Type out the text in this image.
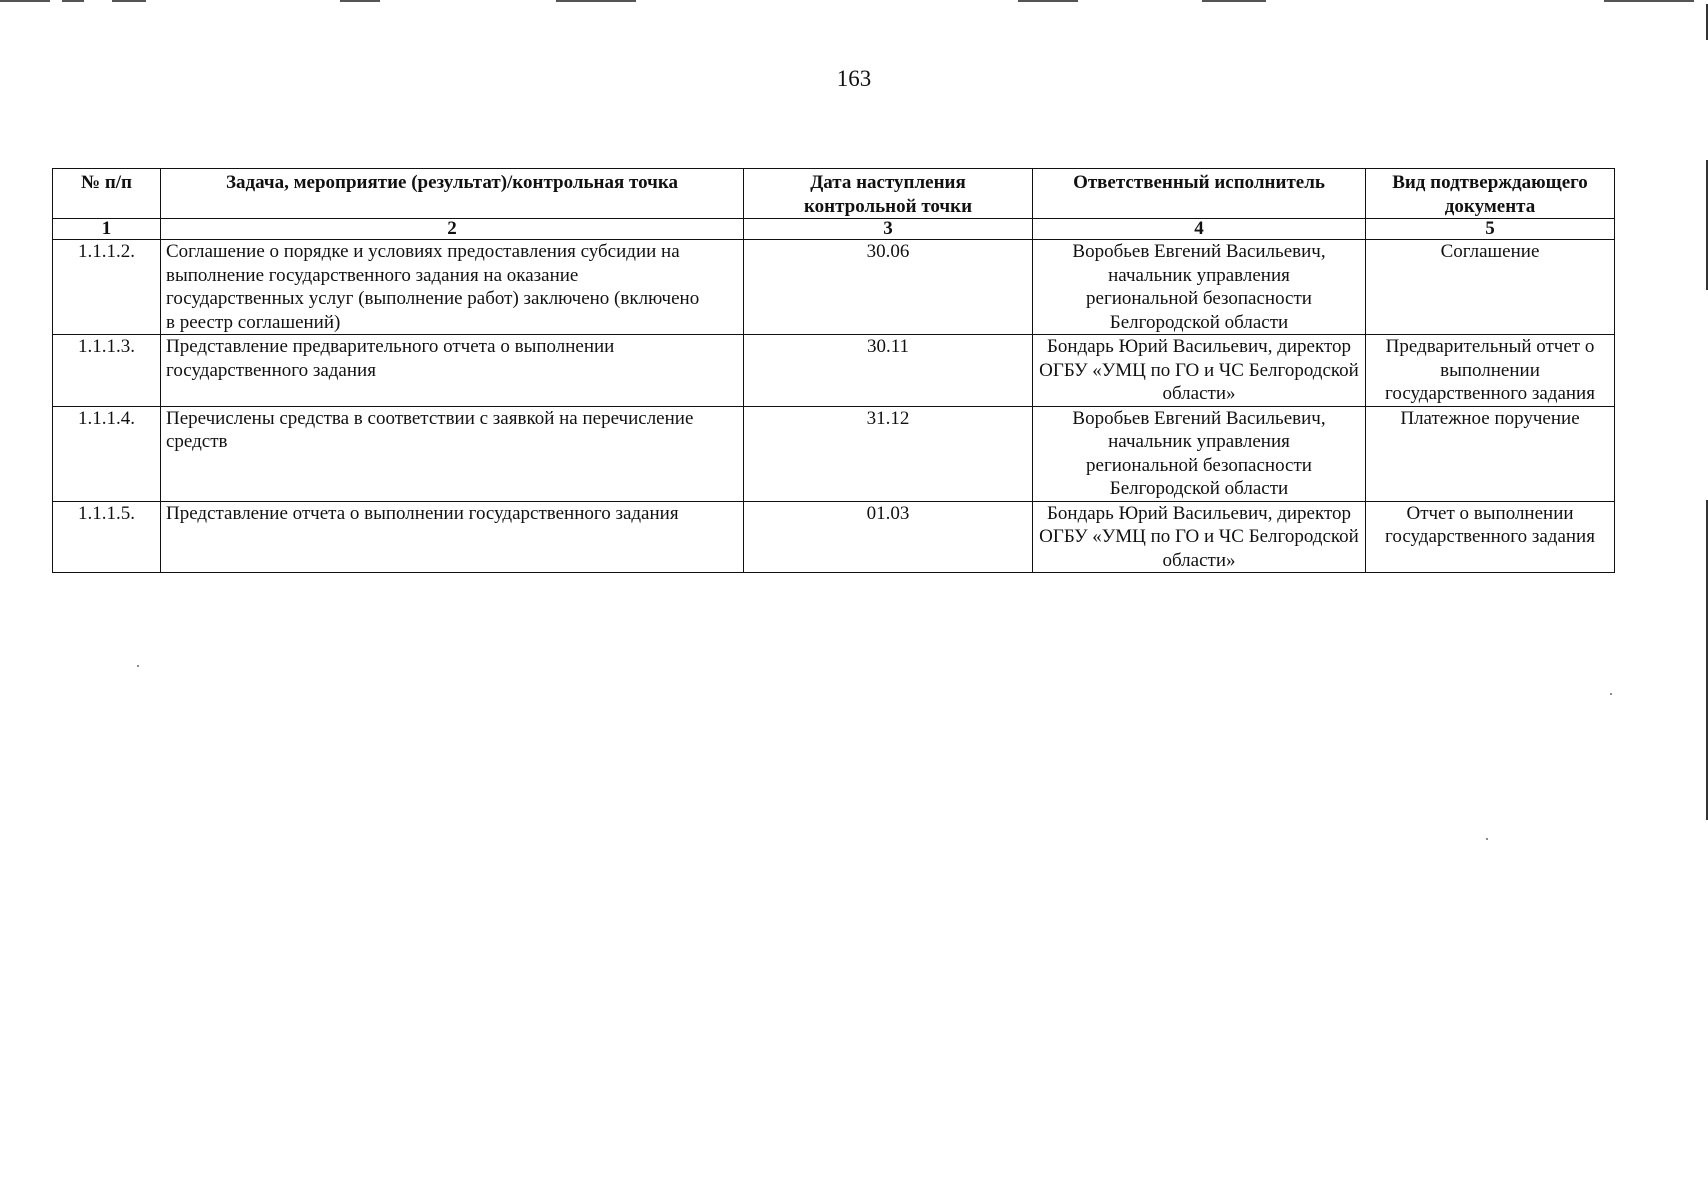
163
№ п/п	Задача, мероприятие (результат)/контрольная точка	Дата наступления контрольной точки	Ответственный исполнитель	Вид подтверждающего документа
1	2	3	4	5
1.1.1.2.	Соглашение о порядке и условиях предоставления субсидии на выполнение государственного задания на оказание государственных услуг (выполнение работ) заключено (включено в реестр соглашений)	30.06	Воробьев Евгений Васильевич, начальник управления региональной безопасности Белгородской области	Соглашение
1.1.1.3.	Представление предварительного отчета о выполнении государственного задания	30.11	Бондарь Юрий Васильевич, директор ОГБУ «УМЦ по ГО и ЧС Белгородской области»	Предварительный отчет о выполнении государственного задания
1.1.1.4.	Перечислены средства в соответствии с заявкой на перечисление средств	31.12	Воробьев Евгений Васильевич, начальник управления региональной безопасности Белгородской области	Платежное поручение
1.1.1.5.	Представление отчета о выполнении государственного задания	01.03	Бондарь Юрий Васильевич, директор ОГБУ «УМЦ по ГО и ЧС Белгородской области»	Отчет о выполнении государственного задания
